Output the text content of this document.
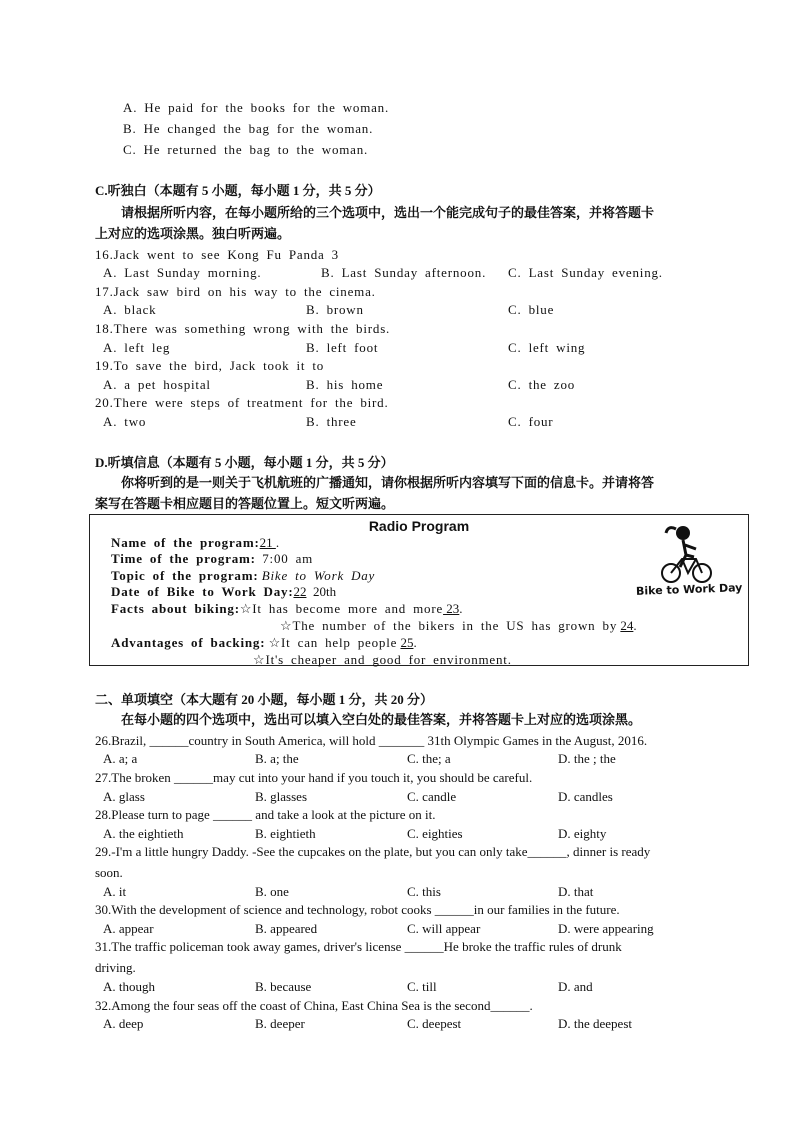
A. He paid for the books for the woman.
B. He changed the bag for the woman.
C. He returned the bag to the woman.
C.听独白（本题有 5 小题，每小题 1 分，共 5 分）
请根据所听内容，在每小题所给的三个选项中，选出一个能完成句子的最佳答案，并将答题卡
上对应的选项涂黑。独白听两遍。
16.Jack went to see Kong Fu Panda 3
A. Last Sunday morning.	B. Last Sunday afternoon. C. Last Sunday evening.
17.Jack saw bird on his way to the cinema.
A. black	B. brown	C. blue
18.There was something wrong with the birds.
A. left leg	B. left foot	C. left wing
19.To save the bird, Jack took it to
A. a pet hospital	B. his home	C. the zoo
20.There were steps of treatment for the bird.
A. two	B. three	C. four
D.听填信息（本题有 5 小题，每小题 1 分，共 5 分）
你将听到的是一则关于飞机航班的广播通知，请你根据所听内容填写下面的信息卡。并请将答
案写在答题卡相应题目的答题位置上。短文听两遍。
Radio Program
Name of the program:21 .
Time of the program: 7:00 am
Topic of the program: Bike to Work Day
Date of Bike to Work Day:22 20th
Facts about biking:☆It has become more and more 23.
☆The number of the bikers in the US has grown by 24.
Advantages of backing: ☆It can help people 25.
☆It's cheaper and good for environment.
Bike to Work Day
二、单项填空（本大题有 20 小题，每小题 1 分，共 20 分）
在每小题的四个选项中，选出可以填入空白处的最佳答案，并将答题卡上对应的选项涂黑。
26.Brazil, ______country in South America, will hold _______ 31th Olympic Games in the August, 2016.
A. a; a	B. a; the	C. the; a	D. the ; the
27.The broken ______may cut into your hand if you touch it, you should be careful.
A. glass	B. glasses	C. candle	D. candles
28.Please turn to page ______ and take a look at the picture on it.
A. the eightieth	B. eightieth	C. eighties	D. eighty
29.-I'm a little hungry Daddy. -See the cupcakes on the plate, but you can only take______, dinner is ready
soon.
A. it	B. one	C. this	D. that
30.With the development of science and technology, robot cooks ______in our families in the future.
A. appear	B. appeared	C. will appear	D. were appearing
31.The traffic policeman took away games, driver's license ______He broke the traffic rules of drunk
driving.
A. though	B. because	C. till	D. and
32.Among the four seas off the coast of China, East China Sea is the second______.
A. deep	B. deeper	C. deepest	D. the deepest
